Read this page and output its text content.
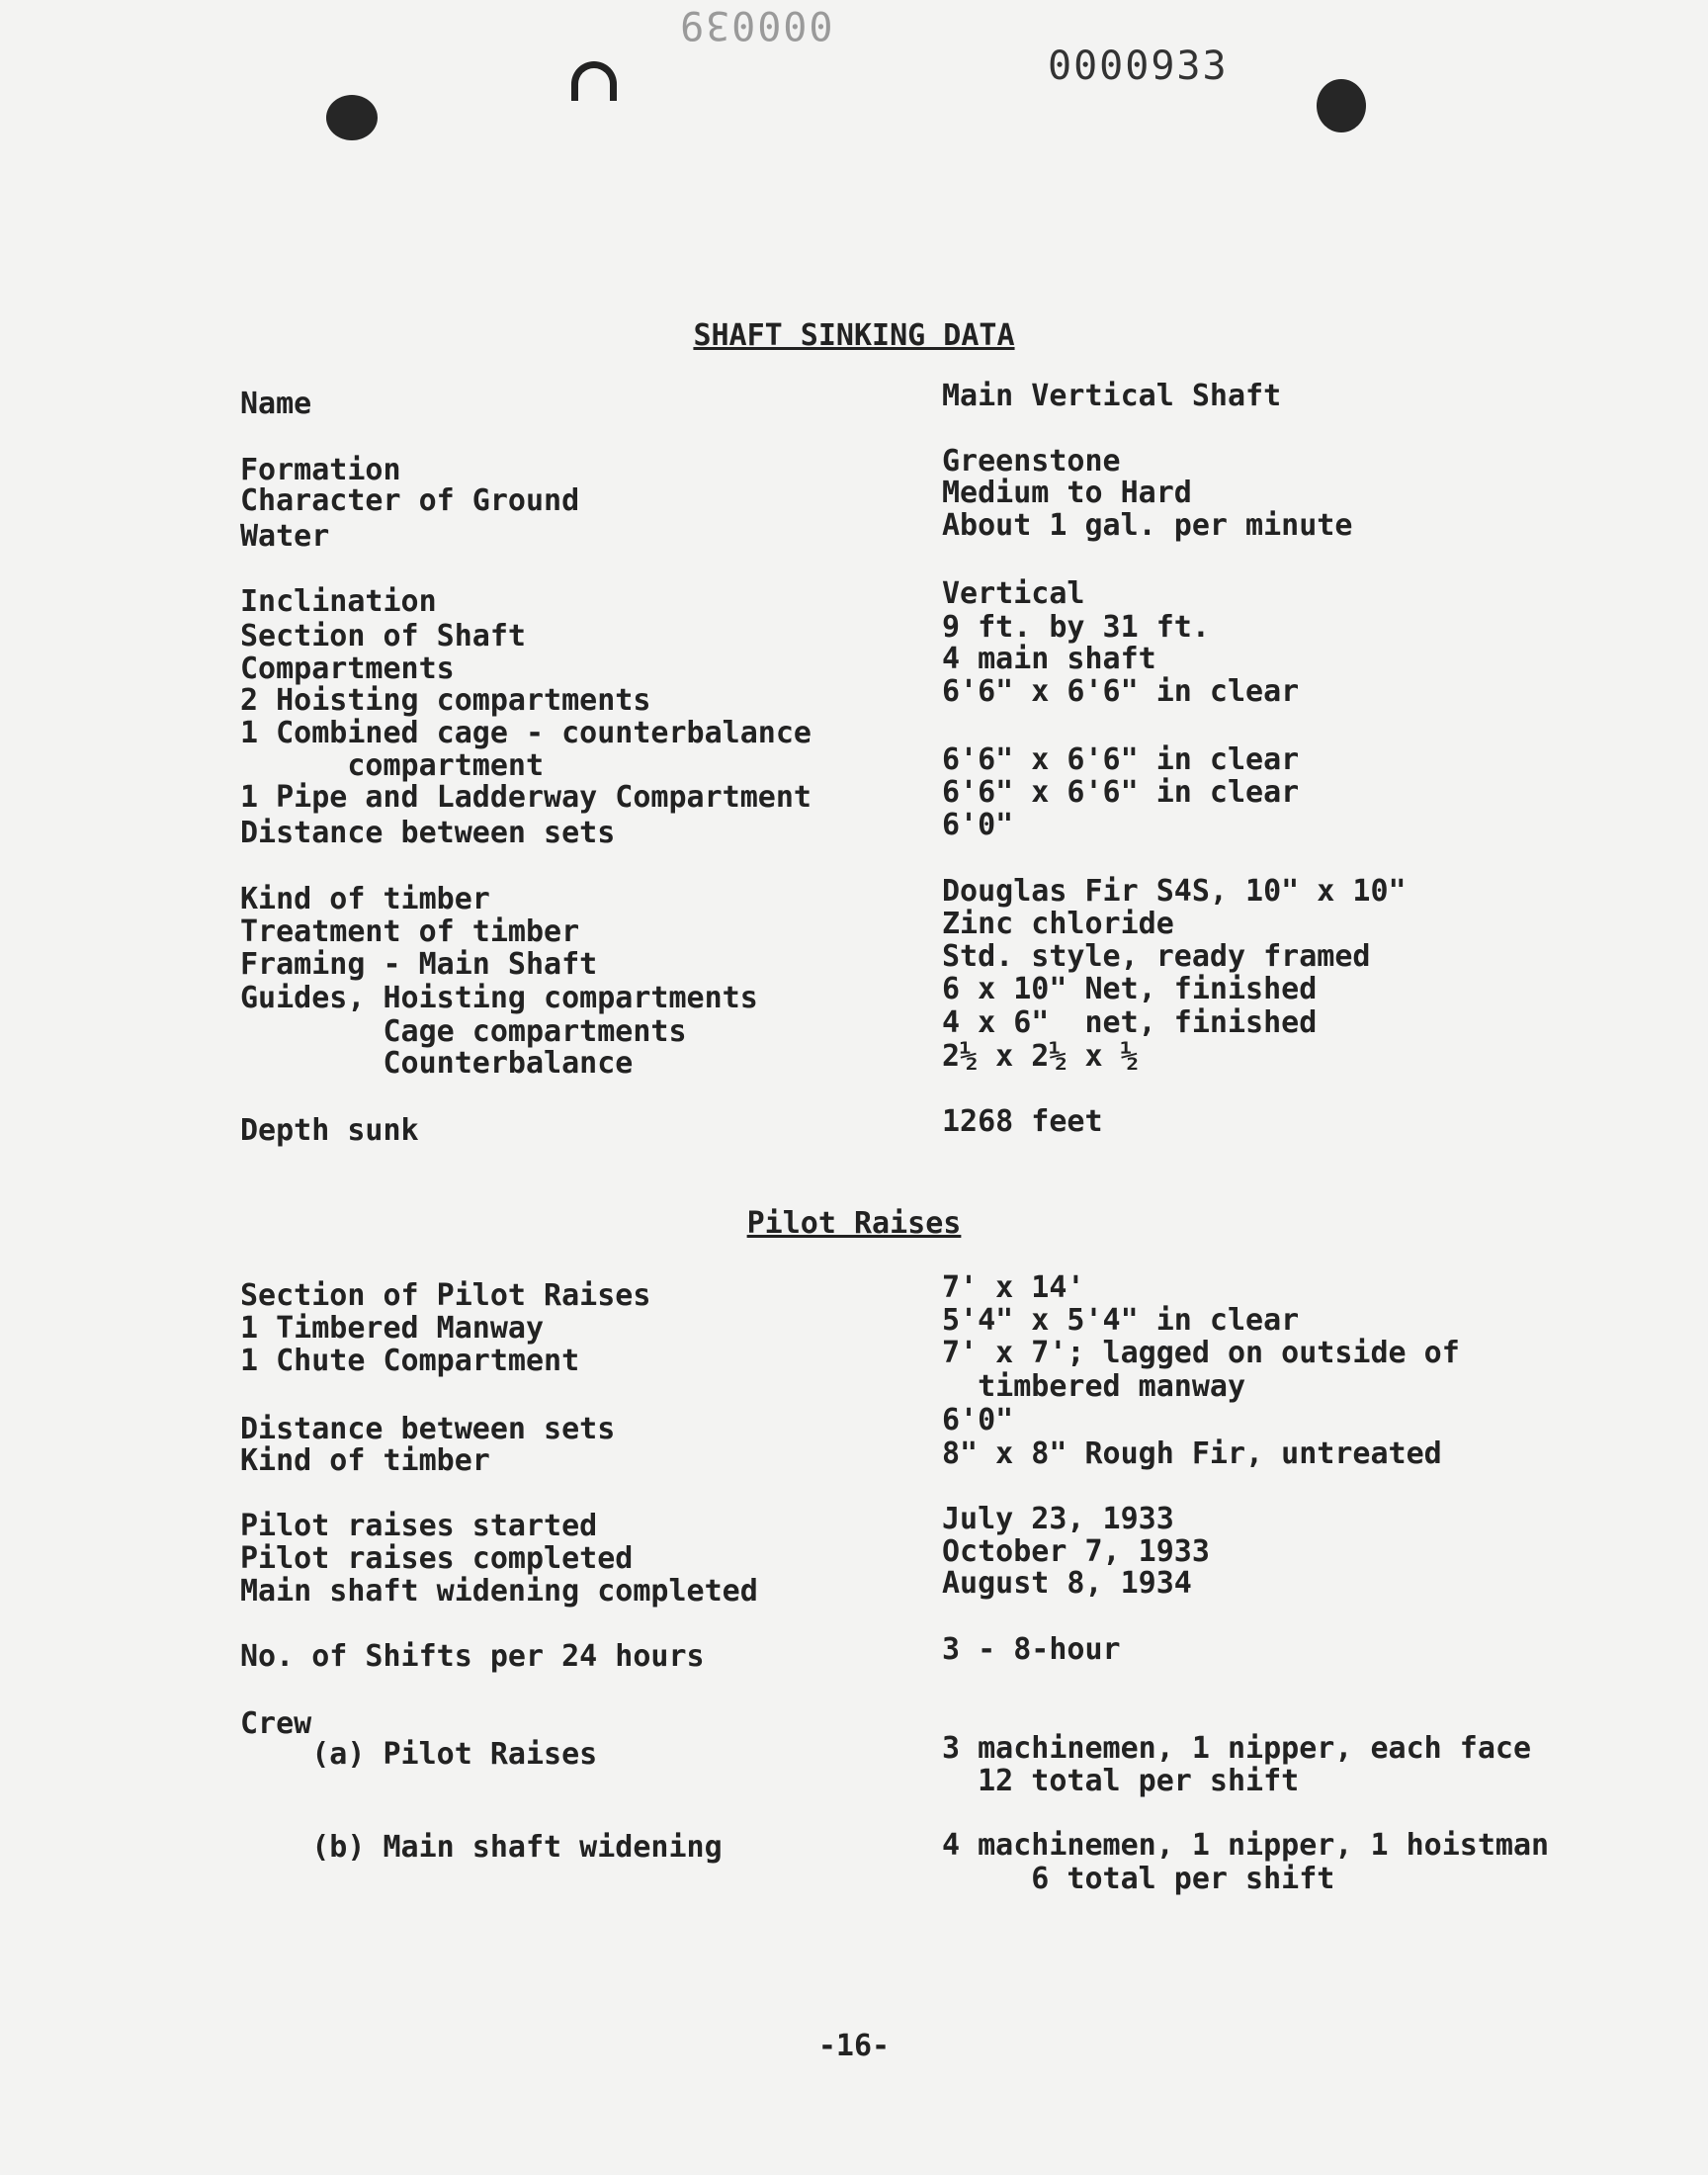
000039
0000933
SHAFT SINKING DATA
Name	Main Vertical Shaft
Formation	Greenstone
Character of Ground	Medium to Hard
Water	About 1 gal. per minute
Inclination	Vertical
Section of Shaft	9 ft. by 31 ft.
Compartments	4 main shaft
2 Hoisting compartments	6'6" x 6'6" in clear
1 Combined cage - counterbalance
compartment	6'6" x 6'6" in clear
1 Pipe and Ladderway Compartment	6'6" x 6'6" in clear
Distance between sets	6'0"
Kind of timber	Douglas Fir S4S, 10" x 10"
Treatment of timber	Zinc chloride
Framing - Main Shaft	Std. style, ready framed
Guides, Hoisting compartments	6 x 10" Net, finished
Cage compartments	4 x 6"  net, finished
Counterbalance	2½ x 2½ x ½
Depth sunk	1268 feet
Pilot Raises
Section of Pilot Raises	7' x 14'
1 Timbered Manway	5'4" x 5'4" in clear
1 Chute Compartment	7' x 7'; lagged on outside of
timbered manway
Distance between sets	6'0"
Kind of timber	8" x 8" Rough Fir, untreated
Pilot raises started	July 23, 1933
Pilot raises completed	October 7, 1933
Main shaft widening completed	August 8, 1934
No. of Shifts per 24 hours	3 - 8-hour
Crew
(a) Pilot Raises	3 machinemen, 1 nipper, each face
12 total per shift
(b) Main shaft widening	4 machinemen, 1 nipper, 1 hoistman
6 total per shift
-16-
